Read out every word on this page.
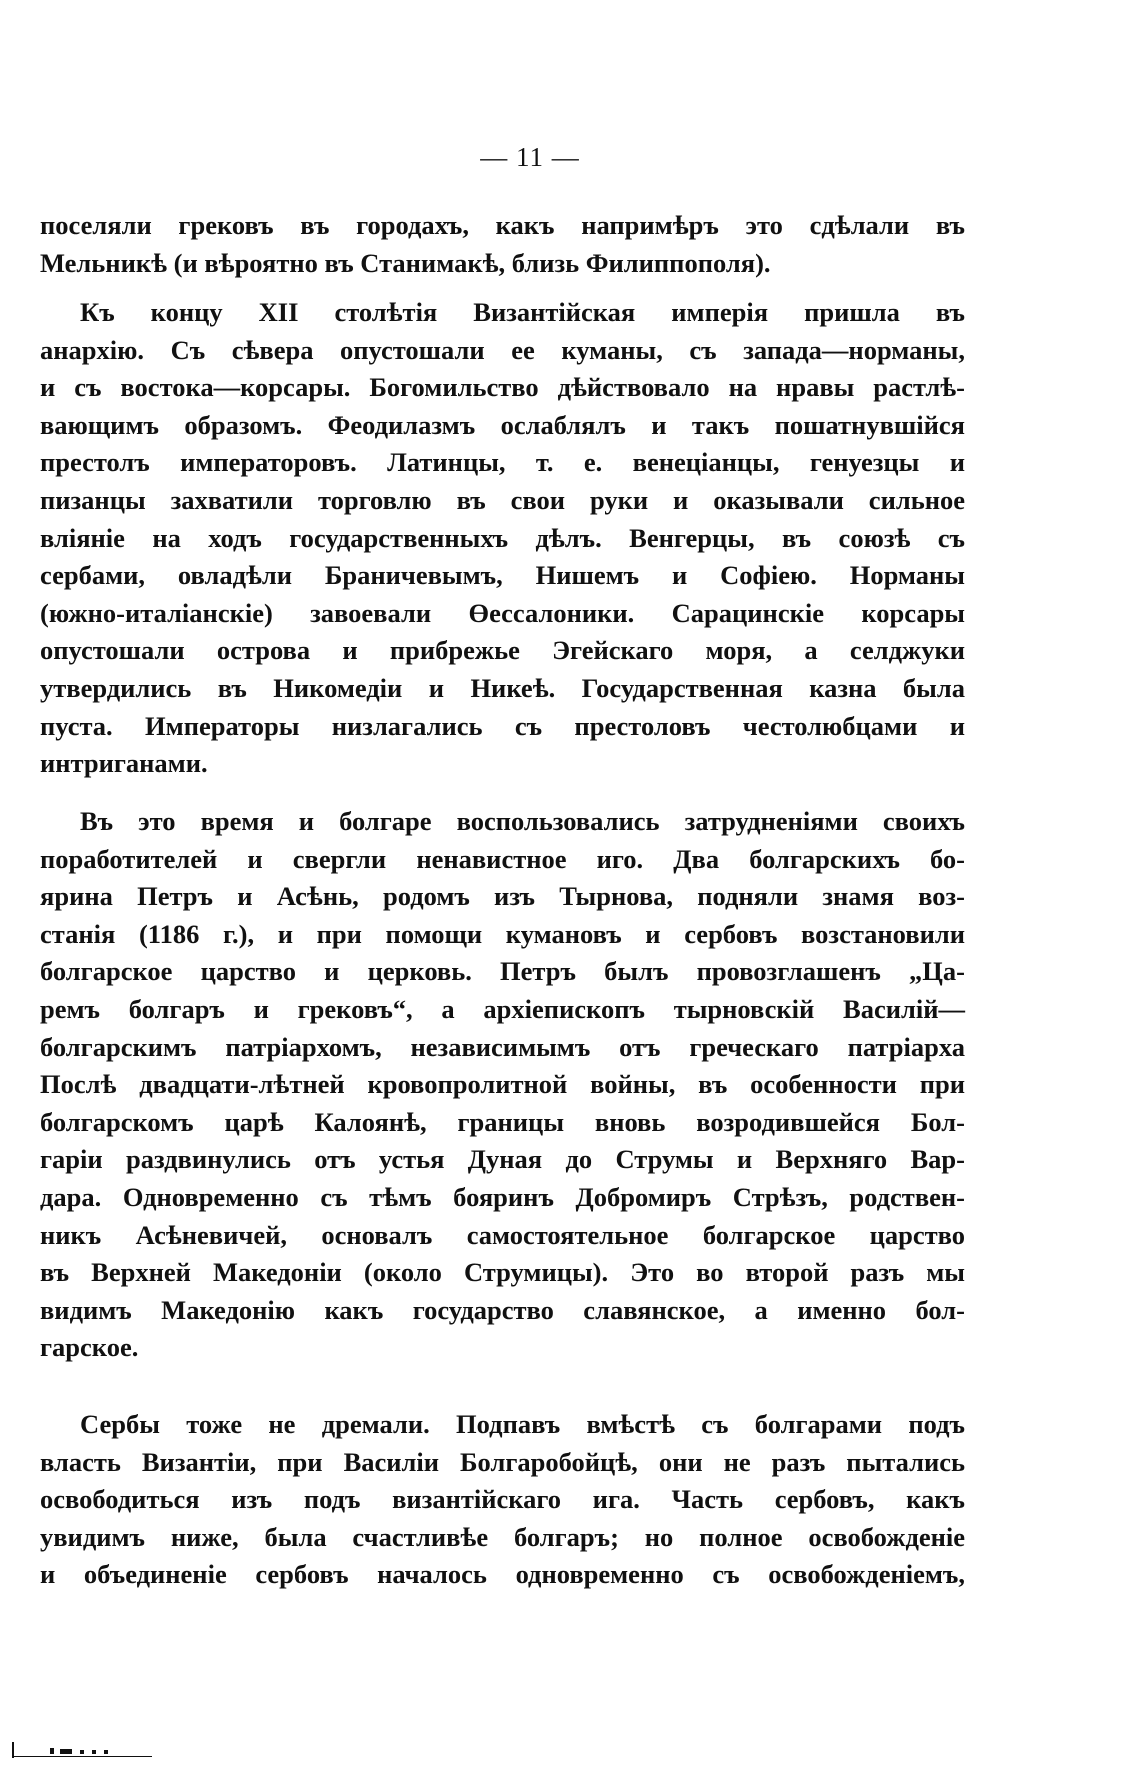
— 11 —
поселяли грековъ въ городахъ, какъ напримѣръ это сдѣлали въ
Мельникѣ (и вѣроятно въ Станимакѣ, близь Филиппополя).
Къ концу XII столѣтія Византійская имперія пришла въ
анархію. Съ сѣвера опустошали ее куманы, съ запада—норманы,
и съ востока—корсары. Богомильство дѣйствовало на нравы растлѣ-
вающимъ образомъ. Феодилазмъ ослаблялъ и такъ пошатнувшійся
престолъ императоровъ. Латинцы, т. е. венеціанцы, генуезцы и
пизанцы захватили торговлю въ свои руки и оказывали сильное
вліяніе на ходъ государственныхъ дѣлъ. Венгерцы, въ союзѣ съ
сербами, овладѣли Браничевымъ, Нишемъ и Софіею. Норманы
(южно-италіанскіе) завоевали Өессалоники. Сарацинскіе корсары
опустошали острова и прибрежье Эгейскаго моря, а селджуки
утвердились въ Никомедіи и Никеѣ. Государственная казна была
пуста. Императоры низлагались съ престоловъ честолюбцами и
интриганами.
Въ это время и болгаре воспользовались затрудненіями своихъ
поработителей и свергли ненавистное иго. Два болгарскихъ бо-
ярина Петръ и Асѣнь, родомъ изъ Тырнова, подняли знамя воз-
станія (1186 г.), и при помощи кумановъ и сербовъ возстановили
болгарское царство и церковь. Петръ былъ провозглашенъ „Ца-
ремъ болгаръ и грековъ“, а архіепископъ тырновскій Василій—
болгарскимъ патріархомъ, независимымъ отъ греческаго патріарха
Послѣ двадцати-лѣтней кровопролитной войны, въ особенности при
болгарскомъ царѣ Калоянѣ, границы вновь возродившейся Бол-
гаріи раздвинулись отъ устья Дуная до Струмы и Верхняго Вар-
дара. Одновременно съ тѣмъ бояринъ Добромиръ Стрѣзъ, родствен-
никъ Асѣневичей, основалъ самостоятельное болгарское царство
въ Верхней Македоніи (около Струмицы). Это во второй разъ мы
видимъ Македонію какъ государство славянское, а именно бол-
гарское.
Сербы тоже не дремали. Подпавъ вмѣстѣ съ болгарами подъ
власть Византіи, при Василіи Болгаробойцѣ, они не разъ пытались
освободиться изъ подъ византійскаго ига. Часть сербовъ, какъ
увидимъ ниже, была счастливѣе болгаръ; но полное освобожденіе
и объединеніе сербовъ началось одновременно съ освобожденіемъ,
